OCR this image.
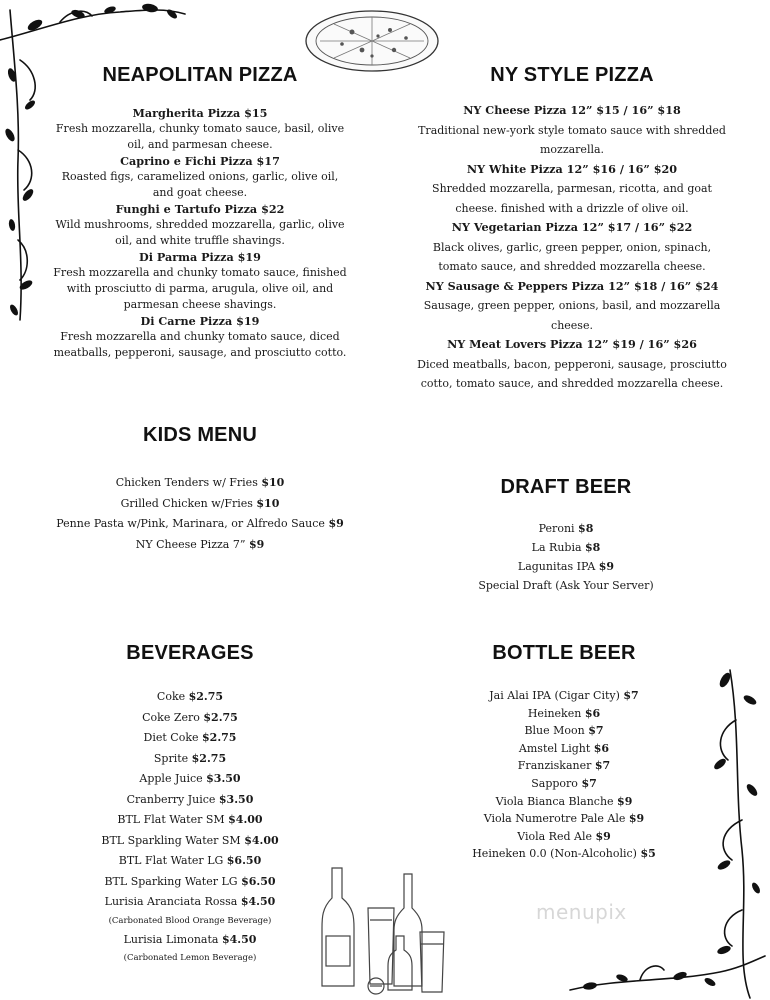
NEAPOLITAN PIZZA
Margherita Pizza $15
Fresh mozzarella, chunky tomato sauce, basil, olive oil, and parmesan cheese.
Caprino e Fichi Pizza $17
Roasted figs, caramelized onions, garlic, olive oil, and goat cheese.
Funghi e Tartufo Pizza $22
Wild mushrooms, shredded mozzarella, garlic, olive oil, and white truffle shavings.
Di Parma Pizza $19
Fresh mozzarella and chunky tomato sauce, finished with prosciutto di parma, arugula, olive oil, and parmesan cheese shavings.
Di Carne Pizza $19
Fresh mozzarella and chunky tomato sauce, diced meatballs, pepperoni, sausage, and prosciutto cotto.
NY STYLE PIZZA
NY Cheese Pizza 12” $15 / 16” $18
Traditional new-york style tomato sauce with shredded mozzarella.
NY White Pizza 12” $16 / 16” $20
Shredded mozzarella, parmesan, ricotta, and goat cheese. finished with a drizzle of olive oil.
NY Vegetarian Pizza 12” $17 / 16” $22
Black olives, garlic, green pepper, onion, spinach, tomato sauce, and shredded mozzarella cheese.
NY Sausage & Peppers Pizza 12” $18 / 16” $24
Sausage, green pepper, onions, basil, and mozzarella cheese.
NY Meat Lovers Pizza 12” $19 / 16” $26
Diced meatballs, bacon, pepperoni, sausage, prosciutto cotto, tomato sauce, and shredded mozzarella cheese.
KIDS MENU
Chicken Tenders w/ Fries $10
Grilled Chicken w/Fries $10
Penne Pasta w/Pink, Marinara, or Alfredo Sauce $9
NY Cheese Pizza 7” $9
DRAFT BEER
Peroni $8
La Rubia $8
Lagunitas IPA $9
Special Draft (Ask Your Server)
BEVERAGES
Coke $2.75
Coke Zero $2.75
Diet Coke $2.75
Sprite $2.75
Apple Juice $3.50
Cranberry Juice $3.50
BTL Flat Water SM $4.00
BTL Sparkling Water SM $4.00
BTL Flat Water LG $6.50
BTL Sparking Water LG $6.50
Lurisia Aranciata Rossa $4.50
(Carbonated Blood Orange Beverage)
Lurisia Limonata $4.50
(Carbonated Lemon Beverage)
BOTTLE BEER
Jai Alai IPA (Cigar City) $7
Heineken $6
Blue Moon $7
Amstel Light $6
Franziskaner $7
Sapporo $7
Viola Bianca Blanche $9
Viola Numerotre Pale Ale $9
Viola Red Ale $9
Heineken 0.0 (Non-Alcoholic) $5
menupix
